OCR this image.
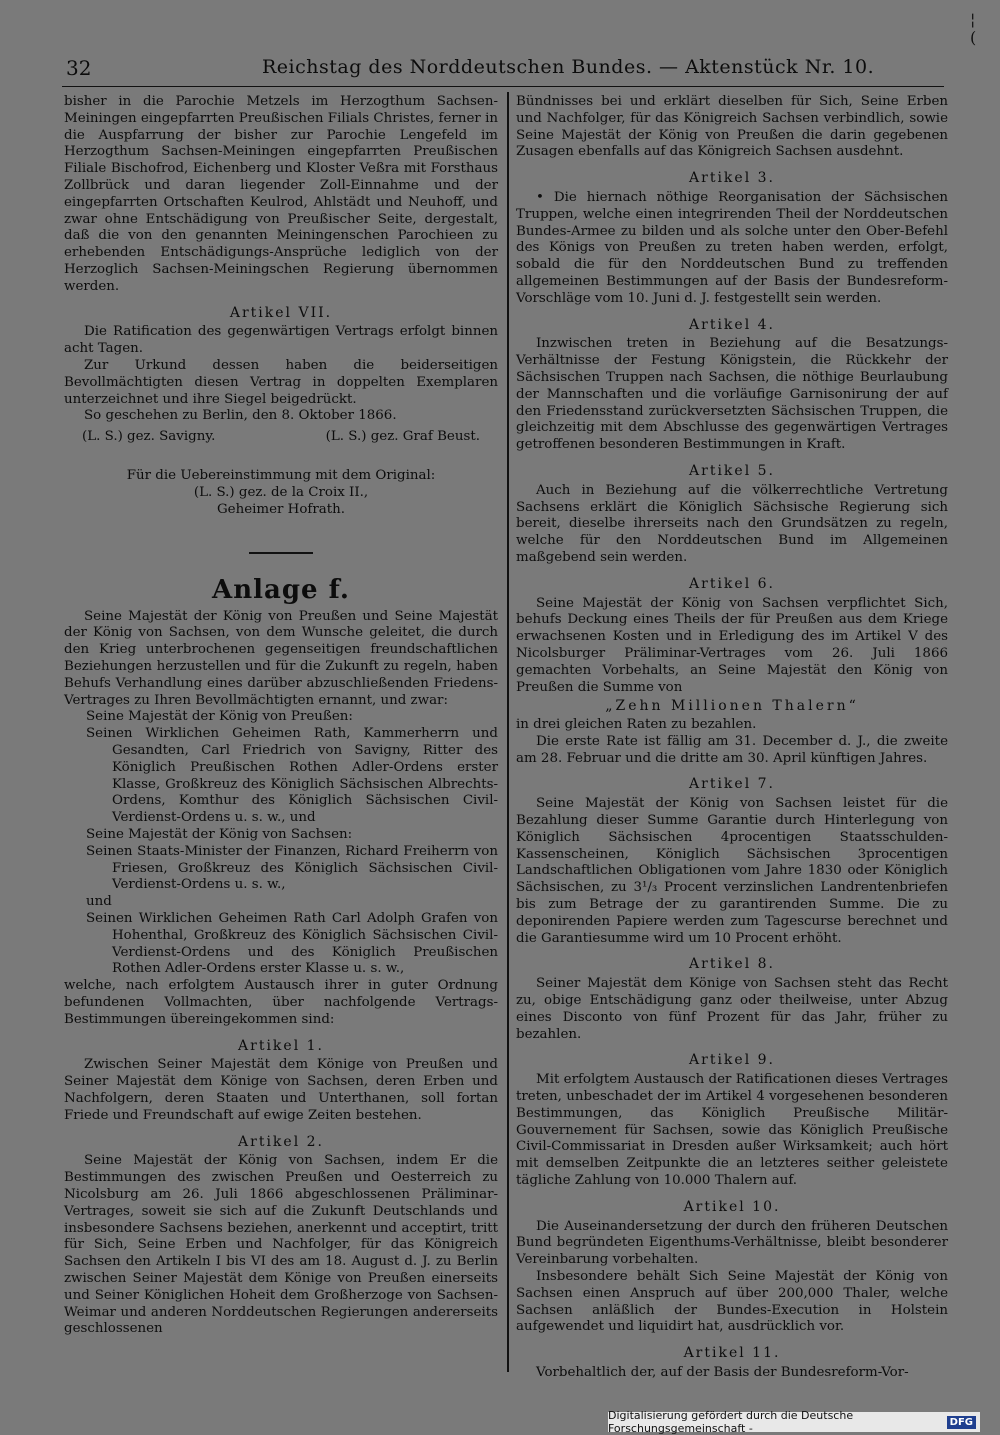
32	Reichstag des Norddeutschen Bundes. — Aktenstück Nr. 10.
¦
(

bisher in die Parochie Metzels im Herzogthum Sachsen-Meiningen eingepfarrten Preußischen Filials Christes, ferner in die Auspfarrung der bisher zur Parochie Lengefeld im Herzogthum Sachsen-Meiningen eingepfarrten Preußischen Filiale Bischofrod, Eichenberg und Kloster Veßra mit Forsthaus Zollbrück und daran liegender Zoll-Einnahme und der eingepfarrten Ortschaften Keulrod, Ahlstädt und Neuhoff, und zwar ohne Entschädigung von Preußischer Seite, dergestalt, daß die von den genannten Meiningenschen Parochieen zu erhebenden Entschädigungs-Ansprüche lediglich von der Herzoglich Sachsen-Meiningschen Regierung übernommen werden.

Artikel VII.

Die Ratification des gegenwärtigen Vertrags erfolgt binnen acht Tagen.

Zur Urkund dessen haben die beiderseitigen Bevollmächtigten diesen Vertrag in doppelten Exemplaren unterzeichnet und ihre Siegel beigedrückt.

So geschehen zu Berlin, den 8. Oktober 1866.

(L. S.) gez. Savigny.	(L. S.) gez. Graf Beust.

Für die Uebereinstimmung mit dem Original:

(L. S.) gez. de la Croix II.,

Geheimer Hofrath.

Anlage f.

Seine Majestät der König von Preußen und Seine Majestät der König von Sachsen, von dem Wunsche geleitet, die durch den Krieg unterbrochenen gegenseitigen freundschaftlichen Beziehungen herzustellen und für die Zukunft zu regeln, haben Behufs Verhandlung eines darüber abzuschließenden Friedens-Vertrages zu Ihren Bevollmächtigten ernannt, und zwar:

Seine Majestät der König von Preußen:

Seinen Wirklichen Geheimen Rath, Kammerherrn und Gesandten, Carl Friedrich von Savigny, Ritter des Königlich Preußischen Rothen Adler-Ordens erster Klasse, Großkreuz des Königlich Sächsischen Albrechts-Ordens, Komthur des Königlich Sächsischen Civil-Verdienst-Ordens u. s. w., und

Seine Majestät der König von Sachsen:

Seinen Staats-Minister der Finanzen, Richard Freiherrn von Friesen, Großkreuz des Königlich Sächsischen Civil-Verdienst-Ordens u. s. w.,

und

Seinen Wirklichen Geheimen Rath Carl Adolph Grafen von Hohenthal, Großkreuz des Königlich Sächsischen Civil-Verdienst-Ordens und des Königlich Preußischen Rothen Adler-Ordens erster Klasse u. s. w.,

welche, nach erfolgtem Austausch ihrer in guter Ordnung befundenen Vollmachten, über nachfolgende Vertrags-Bestimmungen übereingekommen sind:

Artikel 1.

Zwischen Seiner Majestät dem Könige von Preußen und Seiner Majestät dem Könige von Sachsen, deren Erben und Nachfolgern, deren Staaten und Unterthanen, soll fortan Friede und Freundschaft auf ewige Zeiten bestehen.

Artikel 2.

Seine Majestät der König von Sachsen, indem Er die Bestimmungen des zwischen Preußen und Oesterreich zu Nicolsburg am 26. Juli 1866 abgeschlossenen Präliminar-Vertrages, soweit sie sich auf die Zukunft Deutschlands und insbesondere Sachsens beziehen, anerkennt und acceptirt, tritt für Sich, Seine Erben und Nachfolger, für das Königreich Sachsen den Artikeln I bis VI des am 18. August d. J. zu Berlin zwischen Seiner Majestät dem Könige von Preußen einerseits und Seiner Königlichen Hoheit dem Großherzoge von Sachsen-Weimar und anderen Norddeutschen Regierungen andererseits geschlossenen

Bündnisses bei und erklärt dieselben für Sich, Seine Erben und Nachfolger, für das Königreich Sachsen verbindlich, sowie Seine Majestät der König von Preußen die darin gegebenen Zusagen ebenfalls auf das Königreich Sachsen ausdehnt.

Artikel 3.

• Die hiernach nöthige Reorganisation der Sächsischen Truppen, welche einen integrirenden Theil der Norddeutschen Bundes-Armee zu bilden und als solche unter den Ober-Befehl des Königs von Preußen zu treten haben werden, erfolgt, sobald die für den Norddeutschen Bund zu treffenden allgemeinen Bestimmungen auf der Basis der Bundesreform-Vorschläge vom 10. Juni d. J. festgestellt sein werden.

Artikel 4.

Inzwischen treten in Beziehung auf die Besatzungs-Verhältnisse der Festung Königstein, die Rückkehr der Sächsischen Truppen nach Sachsen, die nöthige Beurlaubung der Mannschaften und die vorläufige Garnisonirung der auf den Friedensstand zurückversetzten Sächsischen Truppen, die gleichzeitig mit dem Abschlusse des gegenwärtigen Vertrages getroffenen besonderen Bestimmungen in Kraft.

Artikel 5.

Auch in Beziehung auf die völkerrechtliche Vertretung Sachsens erklärt die Königlich Sächsische Regierung sich bereit, dieselbe ihrerseits nach den Grundsätzen zu regeln, welche für den Norddeutschen Bund im Allgemeinen maßgebend sein werden.

Artikel 6.

Seine Majestät der König von Sachsen verpflichtet Sich, behufs Deckung eines Theils der für Preußen aus dem Kriege erwachsenen Kosten und in Erledigung des im Artikel V des Nicolsburger Präliminar-Vertrages vom 26. Juli 1866 gemachten Vorbehalts, an Seine Majestät den König von Preußen die Summe von

„Zehn Millionen Thalern“

in drei gleichen Raten zu bezahlen.

Die erste Rate ist fällig am 31. December d. J., die zweite am 28. Februar und die dritte am 30. April künftigen Jahres.

Artikel 7.

Seine Majestät der König von Sachsen leistet für die Bezahlung dieser Summe Garantie durch Hinterlegung von Königlich Sächsischen 4procentigen Staatsschulden-Kassenscheinen, Königlich Sächsischen 3procentigen Landschaftlichen Obligationen vom Jahre 1830 oder Königlich Sächsischen, zu 3¹/₃ Procent verzinslichen Landrentenbriefen bis zum Betrage der zu garantirenden Summe. Die zu deponirenden Papiere werden zum Tagescurse berechnet und die Garantiesumme wird um 10 Procent erhöht.

Artikel 8.

Seiner Majestät dem Könige von Sachsen steht das Recht zu, obige Entschädigung ganz oder theilweise, unter Abzug eines Disconto von fünf Prozent für das Jahr, früher zu bezahlen.

Artikel 9.

Mit erfolgtem Austausch der Ratificationen dieses Vertrages treten, unbeschadet der im Artikel 4 vorgesehenen besonderen Bestimmungen, das Königlich Preußische Militär-Gouvernement für Sachsen, sowie das Königlich Preußische Civil-Commissariat in Dresden außer Wirksamkeit; auch hört mit demselben Zeitpunkte die an letzteres seither geleistete tägliche Zahlung von 10.000 Thalern auf.

Artikel 10.

Die Auseinandersetzung der durch den früheren Deutschen Bund begründeten Eigenthums-Verhältnisse, bleibt besonderer Vereinbarung vorbehalten.

Insbesondere behält Sich Seine Majestät der König von Sachsen einen Anspruch auf über 200,000 Thaler, welche Sachsen anläßlich der Bundes-Execution in Holstein aufgewendet und liquidirt hat, ausdrücklich vor.

Artikel 11.

Vorbehaltlich der, auf der Basis der Bundesreform-Vor-

Digitalisierung gefördert durch die Deutsche Forschungsgemeinschaft -	DFG
